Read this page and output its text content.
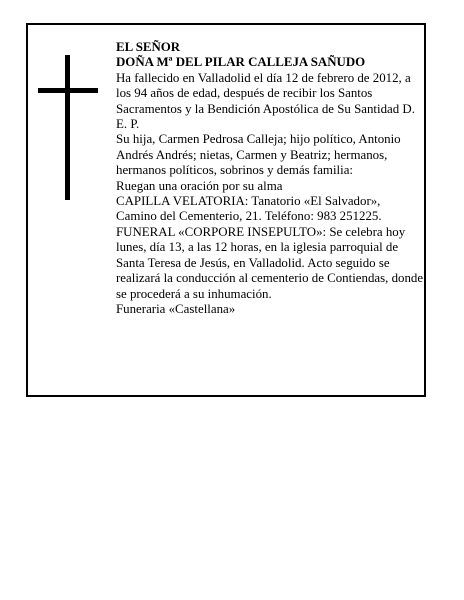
EL SEÑOR

DOÑA Mª DEL PILAR CALLEJA SAÑUDO

Ha fallecido en Valladolid el día 12 de febrero de 2012, a los 94 años de edad, después de recibir los Santos Sacramentos y la Bendición Apostólica de Su Santidad D. E. P.

Su hija, Carmen Pedrosa Calleja; hijo político, Antonio Andrés Andrés; nietas, Carmen y Beatriz; hermanos, hermanos políticos, sobrinos y demás familia:

Ruegan una oración por su alma

CAPILLA VELATORIA: Tanatorio «El Salvador», Camino del Cementerio, 21. Teléfono: 983 251225.

FUNERAL «CORPORE INSEPULTO»: Se celebra hoy lunes, día 13, a las 12 horas, en la iglesia parroquial de Santa Teresa de Jesús, en Valladolid. Acto seguido se realizará la conducción al cementerio de Contiendas, donde se procederá a su inhumación.

Funeraria «Castellana»
